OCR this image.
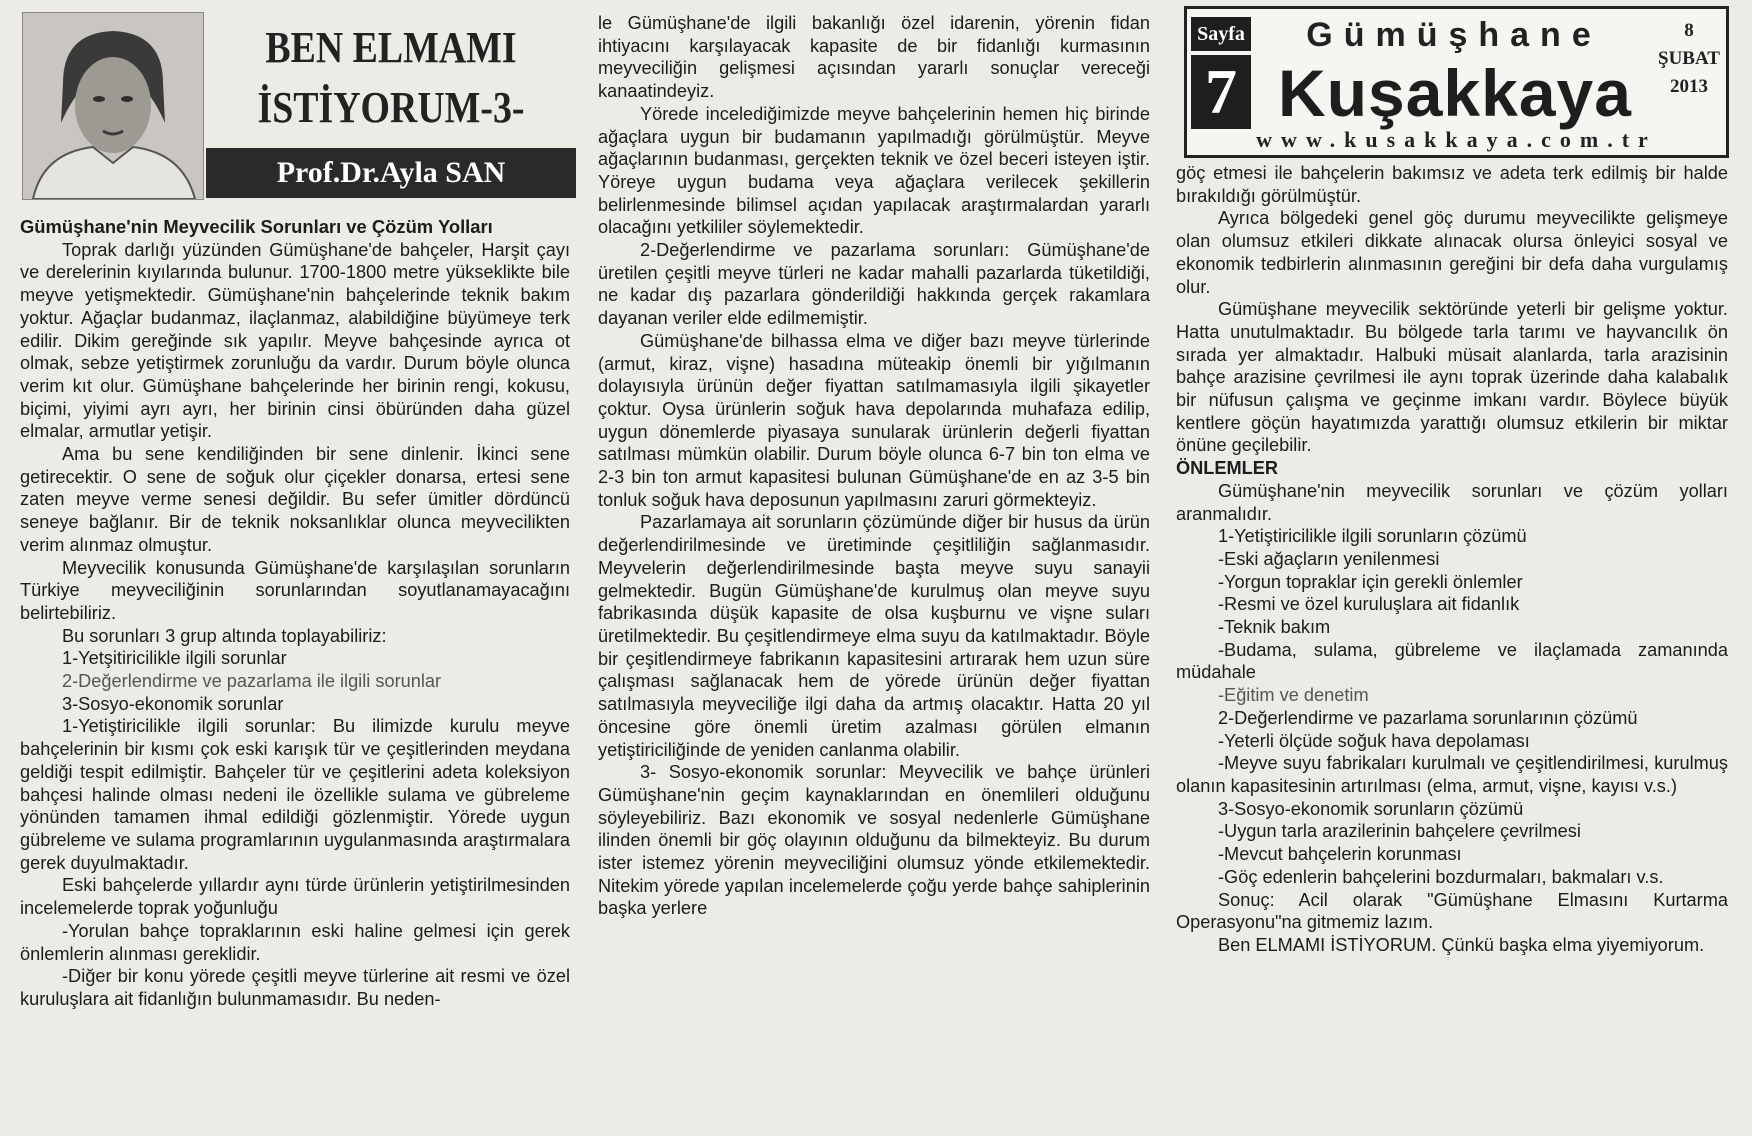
BEN ELMAMI
İSTİYORUM-3-
Prof.Dr.Ayla SAN
Sayfa
7
Gümüşhane
Kuşakkaya
8
ŞUBAT
2013
www.kusakkaya.com.tr

Gümüşhane'nin Meyvecilik Sorunları ve Çözüm Yolları

Toprak darlığı yüzünden Gümüşhane'de bahçeler, Harşit çayı ve derelerinin kıyılarında bulunur. 1700-1800 metre yükseklikte bile meyve yetişmektedir. Gümüşhane'nin bahçelerinde teknik bakım yoktur. Ağaçlar budanmaz, ilaçlanmaz, alabildiğine büyümeye terk edilir. Dikim gereğinde sık yapılır. Meyve bahçesinde ayrıca ot olmak, sebze yetiştirmek zorunluğu da vardır. Durum böyle olunca verim kıt olur. Gümüşhane bahçelerinde her birinin rengi, kokusu, biçimi, yiyimi ayrı ayrı, her birinin cinsi öbüründen daha güzel elmalar, armutlar yetişir.

Ama bu sene kendiliğinden bir sene dinlenir. İkinci sene getirecektir. O sene de soğuk olur çiçekler donarsa, ertesi sene zaten meyve verme senesi değildir. Bu sefer ümitler dördüncü seneye bağlanır. Bir de teknik noksanlıklar olunca meyvecilikten verim alınmaz olmuştur.

Meyvecilik konusunda Gümüşhane'de karşılaşılan sorunların Türkiye meyveciliğinin sorunlarından soyutlanamayacağını belirtebiliriz.

Bu sorunları 3 grup altında toplayabiliriz:

1-Yetşitiricilikle ilgili sorunlar

2-Değerlendirme ve pazarlama ile ilgili sorunlar

3-Sosyo-ekonomik sorunlar

1-Yetiştiricilikle ilgili sorunlar: Bu ilimizde kurulu meyve bahçelerinin bir kısmı çok eski karışık tür ve çeşitlerinden meydana geldiği tespit edilmiştir. Bahçeler tür ve çeşitlerini adeta koleksiyon bahçesi halinde olması nedeni ile özellikle sulama ve gübreleme yönünden tamamen ihmal edildiği gözlenmiştir. Yörede uygun gübreleme ve sulama programlarının uygulanmasında araştırmalara gerek duyulmaktadır.

Eski bahçelerde yıllardır aynı türde ürünlerin yetiştirilmesinden incelemelerde toprak yoğunluğu

-Yorulan bahçe topraklarının eski haline gelmesi için gerek önlemlerin alınması gereklidir.

-Diğer bir konu yörede çeşitli meyve türlerine ait resmi ve özel kuruluşlara ait fidanlığın bulunmamasıdır. Bu neden-

le Gümüşhane'de ilgili bakanlığı özel idarenin, yörenin fidan ihtiyacını karşılayacak kapasite de bir fidanlığı kurmasının meyveciliğin gelişmesi açısından yararlı sonuçlar vereceği kanaatindeyiz.

Yörede incelediğimizde meyve bahçelerinin hemen hiç birinde ağaçlara uygun bir budamanın yapılmadığı görülmüştür. Meyve ağaçlarının budanması, gerçekten teknik ve özel beceri isteyen iştir. Yöreye uygun budama veya ağaçlara verilecek şekillerin belirlenmesinde bilimsel açıdan yapılacak araştırmalardan yararlı olacağını yetkililer söylemektedir.

2-Değerlendirme ve pazarlama sorunları: Gümüşhane'de üretilen çeşitli meyve türleri ne kadar mahalli pazarlarda tüketildiği, ne kadar dış pazarlara gönderildiği hakkında gerçek rakamlara dayanan veriler elde edilmemiştir.

Gümüşhane'de bilhassa elma ve diğer bazı meyve türlerinde (armut, kiraz, vişne) hasadına müteakip önemli bir yığılmanın dolayısıyla ürünün değer fiyattan satılmamasıyla ilgili şikayetler çoktur. Oysa ürünlerin soğuk hava depolarında muhafaza edilip, uygun dönemlerde piyasaya sunularak ürünlerin değerli fiyattan satılması mümkün olabilir. Durum böyle olunca 6-7 bin ton elma ve 2-3 bin ton armut kapasitesi bulunan Gümüşhane'de en az 3-5 bin tonluk soğuk hava deposunun yapılmasını zaruri görmekteyiz.

Pazarlamaya ait sorunların çözümünde diğer bir husus da ürün değerlendirilmesinde ve üretiminde çeşitliliğin sağlanmasıdır. Meyvelerin değerlendirilmesinde başta meyve suyu sanayii gelmektedir. Bugün Gümüşhane'de kurulmuş olan meyve suyu fabrikasında düşük kapasite de olsa kuşburnu ve vişne suları üretilmektedir. Bu çeşitlendirmeye elma suyu da katılmaktadır. Böyle bir çeşitlendirmeye fabrikanın kapasitesini artırarak hem uzun süre çalışması sağlanacak hem de yörede ürünün değer fiyattan satılmasıyla meyveciliğe ilgi daha da artmış olacaktır. Hatta 20 yıl öncesine göre önemli üretim azalması görülen elmanın yetiştiriciliğinde de yeniden canlanma olabilir.

3- Sosyo-ekonomik sorunlar: Meyvecilik ve bahçe ürünleri Gümüşhane'nin geçim kaynaklarından en önemlileri olduğunu söyleyebiliriz. Bazı ekonomik ve sosyal nedenlerle Gümüşhane ilinden önemli bir göç olayının olduğunu da bilmekteyiz. Bu durum ister istemez yörenin meyveciliğini olumsuz yönde etkilemektedir. Nitekim yörede yapılan incelemelerde çoğu yerde bahçe sahiplerinin başka yerlere

göç etmesi ile bahçelerin bakımsız ve adeta terk edilmiş bir halde bırakıldığı görülmüştür.

Ayrıca bölgedeki genel göç durumu meyvecilikte gelişmeye olan olumsuz etkileri dikkate alınacak olursa önleyici sosyal ve ekonomik tedbirlerin alınmasının gereğini bir defa daha vurgulamış olur.

Gümüşhane meyvecilik sektöründe yeterli bir gelişme yoktur. Hatta unutulmaktadır. Bu bölgede tarla tarımı ve hayvancılık ön sırada yer almaktadır. Halbuki müsait alanlarda, tarla arazisinin bahçe arazisine çevrilmesi ile aynı toprak üzerinde daha kalabalık bir nüfusun çalışma ve geçinme imkanı vardır. Böylece büyük kentlere göçün hayatımızda yarattığı olumsuz etkilerin bir miktar önüne geçilebilir.

ÖNLEMLER

Gümüşhane'nin meyvecilik sorunları ve çözüm yolları aranmalıdır.

1-Yetiştiricilikle ilgili sorunların çözümü

-Eski ağaçların yenilenmesi

-Yorgun topraklar için gerekli önlemler

-Resmi ve özel kuruluşlara ait fidanlık

-Teknik bakım

-Budama, sulama, gübreleme ve ilaçlamada zamanında müdahale

-Eğitim ve denetim

2-Değerlendirme ve pazarlama sorunlarının çözümü

-Yeterli ölçüde soğuk hava depolaması

-Meyve suyu fabrikaları kurulmalı ve çeşitlendirilmesi, kurulmuş olanın kapasitesinin artırılması (elma, armut, vişne, kayısı v.s.)

3-Sosyo-ekonomik sorunların çözümü

-Uygun tarla arazilerinin bahçelere çevrilmesi

-Mevcut bahçelerin korunması

-Göç edenlerin bahçelerini bozdurmaları, bakmaları v.s.

Sonuç: Acil olarak "Gümüşhane Elmasını Kurtarma Operasyonu"na gitmemiz lazım.

Ben ELMAMI İSTİYORUM. Çünkü başka elma yiyemiyorum.
